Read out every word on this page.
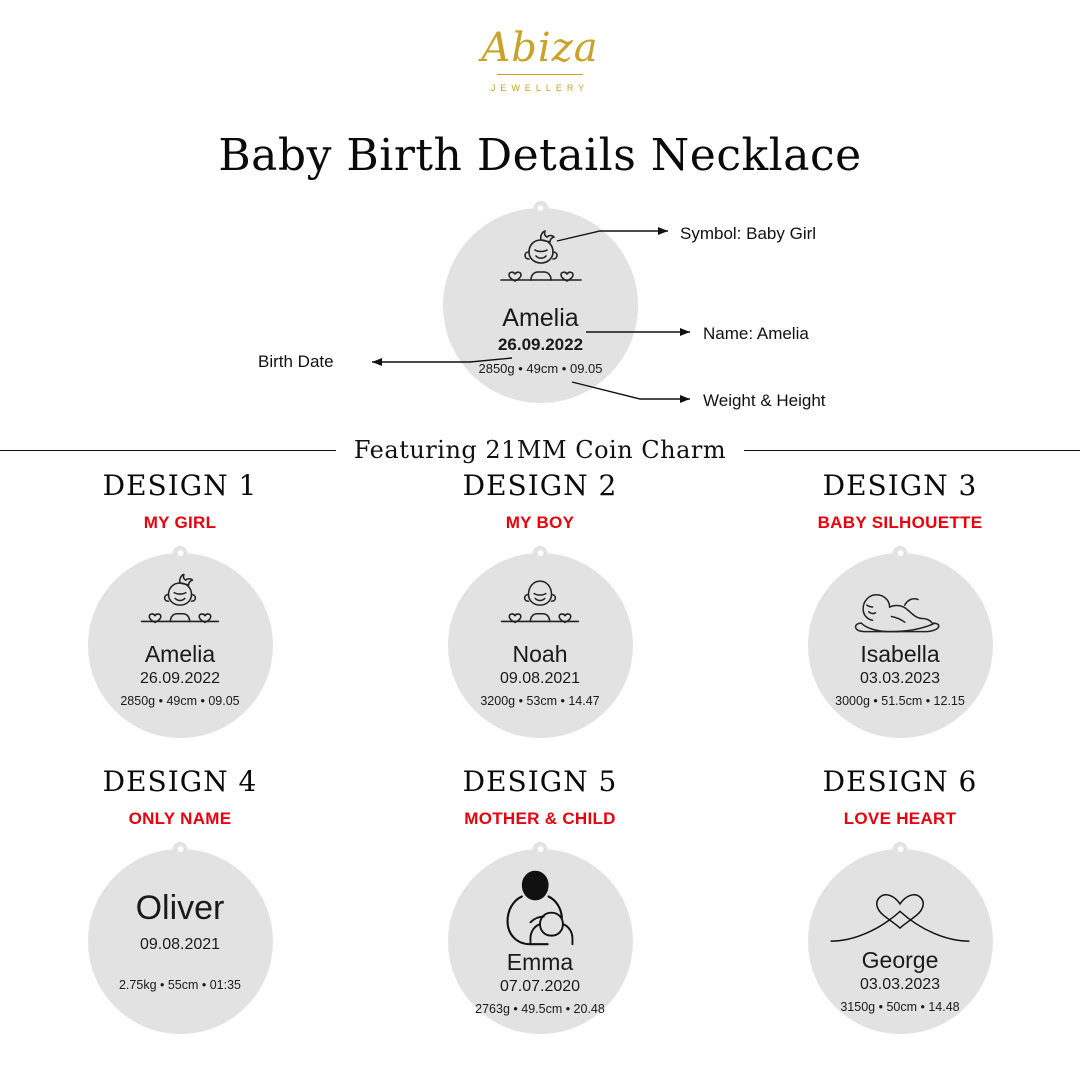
Abiza
JEWELLERY
Baby Birth Details Necklace
Amelia
26.09.2022
2850g • 49cm • 09.05
Symbol: Baby Girl
Name: Amelia
Birth Date
Weight & Height
Featuring 21MM Coin Charm
DESIGN 1
MY GIRL
Amelia
26.09.2022
2850g • 49cm • 09.05
DESIGN 2
MY BOY
Noah
09.08.2021
3200g • 53cm • 14.47
DESIGN 3
BABY SILHOUETTE
Isabella
03.03.2023
3000g • 51.5cm • 12.15
DESIGN 4
ONLY NAME
Oliver
09.08.2021
2.75kg • 55cm • 01:35
DESIGN 5
MOTHER & CHILD
Emma
07.07.2020
2763g • 49.5cm • 20.48
DESIGN 6
LOVE HEART
George
03.03.2023
3150g • 50cm • 14.48
